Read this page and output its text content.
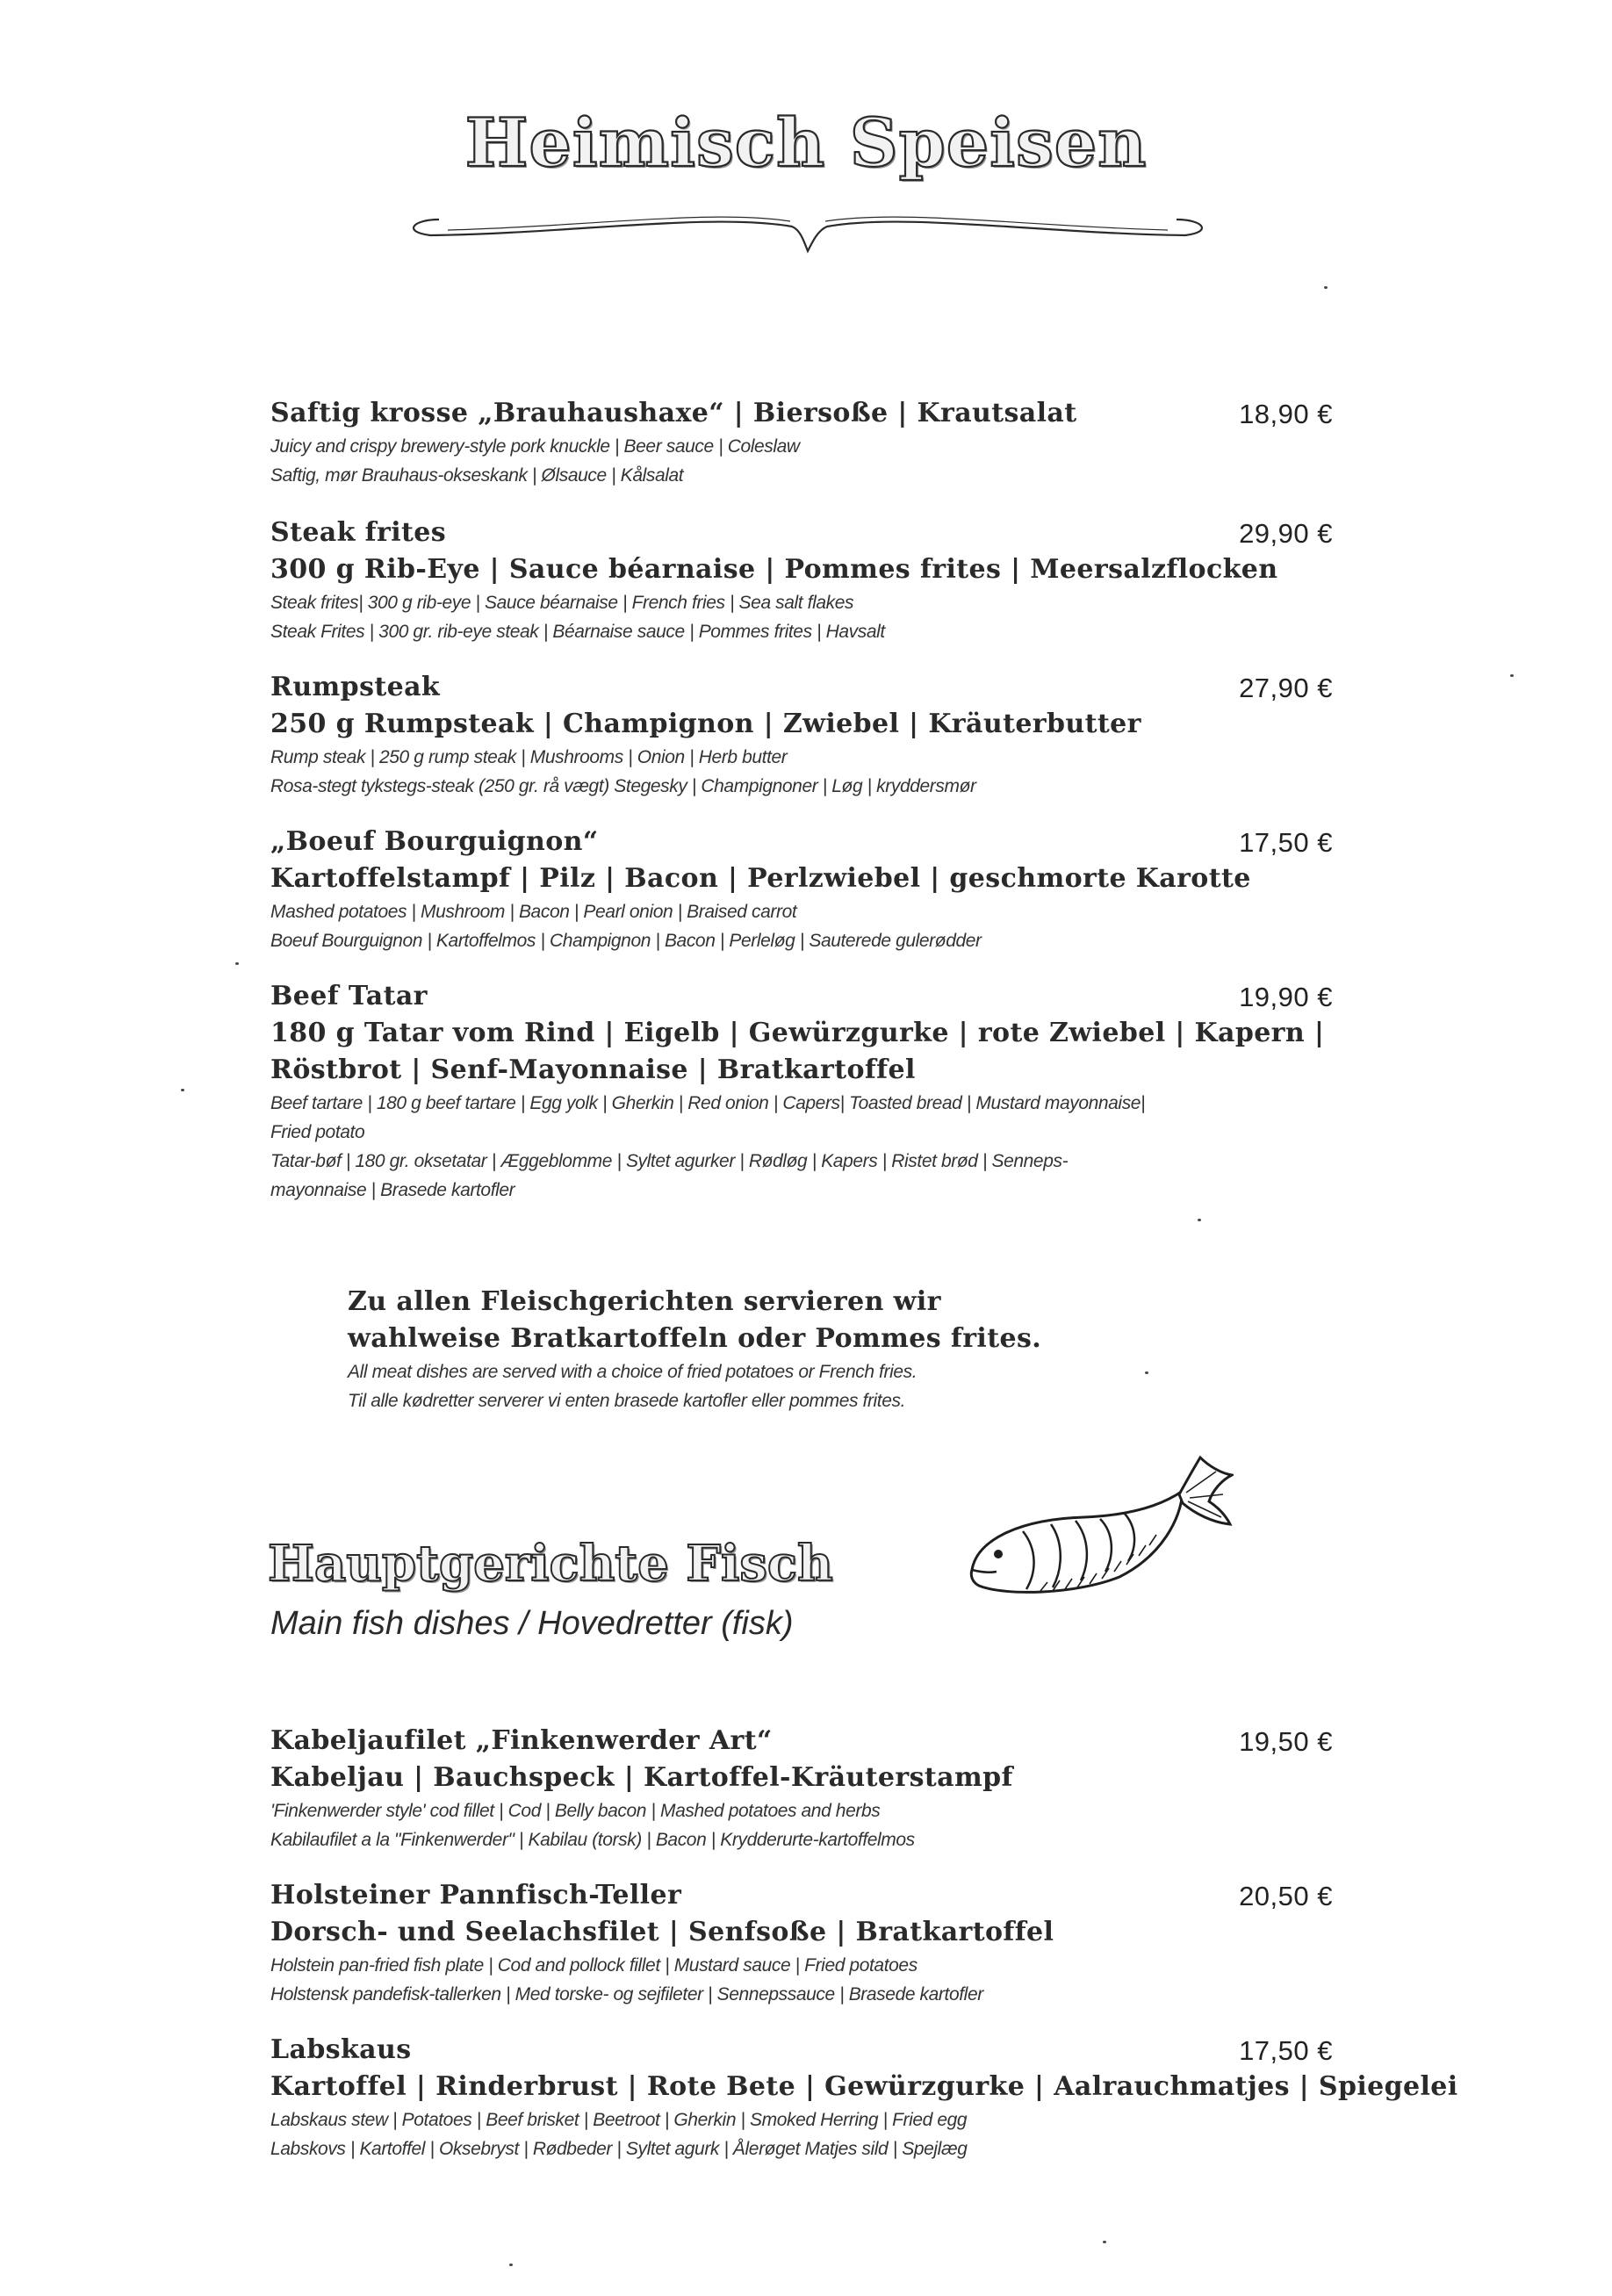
Heimisch Speisen
Saftig krosse „Brauhaushaxe“ | Biersoße | Krautsalat
Juicy and crispy brewery-style pork knuckle | Beer sauce | Coleslaw
Saftig, mør Brauhaus-okseskank | Ølsauce | Kålsalat
18,90 €
Steak frites
300 g Rib-Eye | Sauce béarnaise | Pommes frites | Meersalzflocken
Steak frites| 300 g rib-eye | Sauce béarnaise | French fries | Sea salt flakes
Steak Frites | 300 gr. rib-eye steak | Béarnaise sauce | Pommes frites | Havsalt
29,90 €
Rumpsteak
250 g Rumpsteak | Champignon | Zwiebel | Kräuterbutter
Rump steak | 250 g rump steak | Mushrooms | Onion | Herb butter
Rosa-stegt tykstegs-steak (250 gr. rå vægt) Stegesky | Champignoner | Løg | kryddersmør
27,90 €
„Boeuf Bourguignon“
Kartoffelstampf | Pilz | Bacon | Perlzwiebel | geschmorte Karotte
Mashed potatoes | Mushroom | Bacon | Pearl onion | Braised carrot
Boeuf Bourguignon | Kartoffelmos | Champignon | Bacon | Perleløg | Sauterede gulerødder
17,50 €
Beef Tatar
180 g Tatar vom Rind | Eigelb | Gewürzgurke | rote Zwiebel | Kapern |
Röstbrot | Senf-Mayonnaise | Bratkartoffel
Beef tartare | 180 g beef tartare | Egg yolk | Gherkin | Red onion | Capers| Toasted bread | Mustard mayonnaise| Fried potato
Tatar-bøf | 180 gr. oksetatar | Æggeblomme | Syltet agurker | Rødløg | Kapers | Ristet brød | Senneps-mayonnaise | Brasede kartofler
19,90 €
Zu allen Fleischgerichten servieren wir
wahlweise Bratkartoffeln oder Pommes frites.
All meat dishes are served with a choice of fried potatoes or French fries.
Til alle kødretter serverer vi enten brasede kartofler eller pommes frites.
Hauptgerichte Fisch
Main fish dishes / Hovedretter (fisk)
Kabeljaufilet „Finkenwerder Art“
Kabeljau | Bauchspeck | Kartoffel-Kräuterstampf
'Finkenwerder style' cod fillet | Cod | Belly bacon | Mashed potatoes and herbs
Kabilaufilet a la "Finkenwerder" | Kabilau (torsk) | Bacon | Krydderurte-kartoffelmos
19,50 €
Holsteiner Pannfisch-Teller
Dorsch- und Seelachsfilet | Senfsoße | Bratkartoffel
Holstein pan-fried fish plate | Cod and pollock fillet | Mustard sauce | Fried potatoes
Holstensk pandefisk-tallerken | Med torske- og sejfileter | Sennepssauce | Brasede kartofler
20,50 €
Labskaus
Kartoffel | Rinderbrust | Rote Bete | Gewürzgurke | Aalrauchmatjes | Spiegelei
Labskaus stew | Potatoes | Beef brisket | Beetroot | Gherkin | Smoked Herring | Fried egg
Labskovs | Kartoffel | Oksebryst | Rødbeder | Syltet agurk | Ålerøget Matjes sild | Spejlæg
17,50 €
